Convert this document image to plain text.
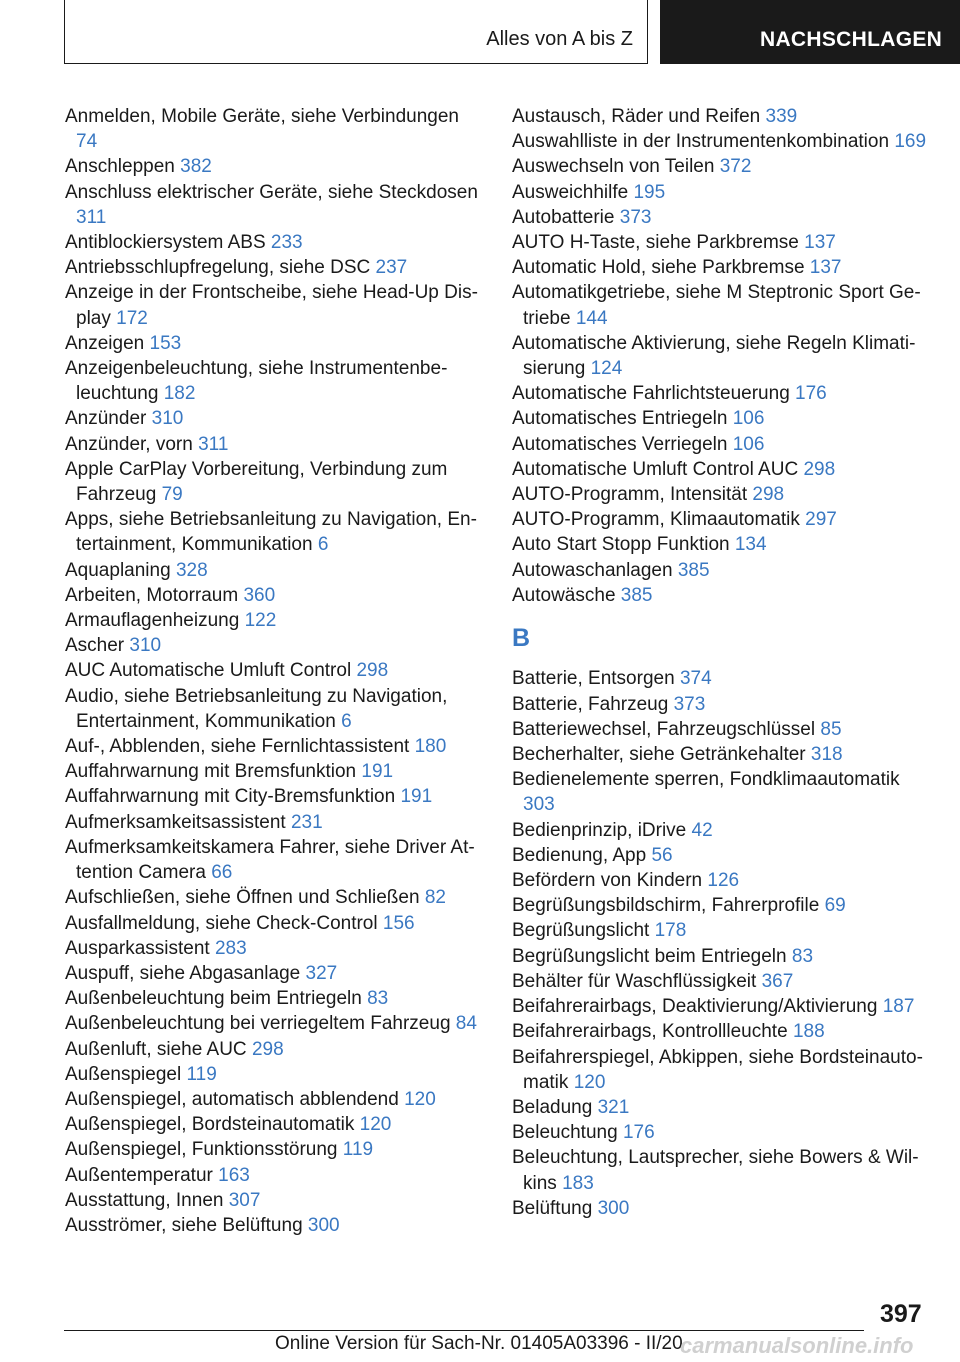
Alles von A bis Z	NACHSCHLAGEN

Anmelden, Mobile Geräte, siehe Verbindungen 74

Anschleppen 382

Anschluss elektrischer Geräte, siehe Steckdosen 311

Antiblockiersystem ABS 233

Antriebsschlupfregelung, siehe DSC 237

Anzeige in der Frontscheibe, siehe Head-Up Display 172

Anzeigen 153

Anzeigenbeleuchtung, siehe Instrumentenbeleuchtung 182

Anzünder 310

Anzünder, vorn 311

Apple CarPlay Vorbereitung, Verbindung zum Fahrzeug 79

Apps, siehe Betriebsanleitung zu Navigation, Entertainment, Kommunikation 6

Aquaplaning 328

Arbeiten, Motorraum 360

Armauflagenheizung 122

Ascher 310

AUC Automatische Umluft Control 298

Audio, siehe Betriebsanleitung zu Navigation, Entertainment, Kommunikation 6

Auf-, Abblenden, siehe Fernlichtassistent 180

Auffahrwarnung mit Bremsfunktion 191

Auffahrwarnung mit City-Bremsfunktion 191

Aufmerksamkeitsassistent 231

Aufmerksamkeitskamera Fahrer, siehe Driver Attention Camera 66

Aufschließen, siehe Öffnen und Schließen 82

Ausfallmeldung, siehe Check-Control 156

Ausparkassistent 283

Auspuff, siehe Abgasanlage 327

Außenbeleuchtung beim Entriegeln 83

Außenbeleuchtung bei verriegeltem Fahrzeug 84

Außenluft, siehe AUC 298

Außenspiegel 119

Außenspiegel, automatisch abblendend 120

Außenspiegel, Bordsteinautomatik 120

Außenspiegel, Funktionsstörung 119

Außentemperatur 163

Ausstattung, Innen 307

Ausströmer, siehe Belüftung 300

Austausch, Räder und Reifen 339

Auswahlliste in der Instrumentenkombination 169

Auswechseln von Teilen 372

Ausweichhilfe 195

Autobatterie 373

AUTO H-Taste, siehe Parkbremse 137

Automatic Hold, siehe Parkbremse 137

Automatikgetriebe, siehe M Steptronic Sport Getriebe 144

Automatische Aktivierung, siehe Regeln Klimatisierung 124

Automatische Fahrlichtsteuerung 176

Automatisches Entriegeln 106

Automatisches Verriegeln 106

Automatische Umluft Control AUC 298

AUTO-Programm, Intensität 298

AUTO-Programm, Klimaautomatik 297

Auto Start Stopp Funktion 134

Autowaschanlagen 385

Autowäsche 385

B

Batterie, Entsorgen 374

Batterie, Fahrzeug 373

Batteriewechsel, Fahrzeugschlüssel 85

Becherhalter, siehe Getränkehalter 318

Bedienelemente sperren, Fondklimaautomatik 303

Bedienprinzip, iDrive 42

Bedienung, App 56

Befördern von Kindern 126

Begrüßungsbildschirm, Fahrerprofile 69

Begrüßungslicht 178

Begrüßungslicht beim Entriegeln 83

Behälter für Waschflüssigkeit 367

Beifahrerairbags, Deaktivierung/Aktivierung 187

Beifahrerairbags, Kontrollleuchte 188

Beifahrerspiegel, Abkippen, siehe Bordsteinautomatik 120

Beladung 321

Beleuchtung 176

Beleuchtung, Lautsprecher, siehe Bowers & Wilkins 183

Belüftung 300

397
Online Version für Sach-Nr. 01405A03396 - II/20
carmanualsonline.info
